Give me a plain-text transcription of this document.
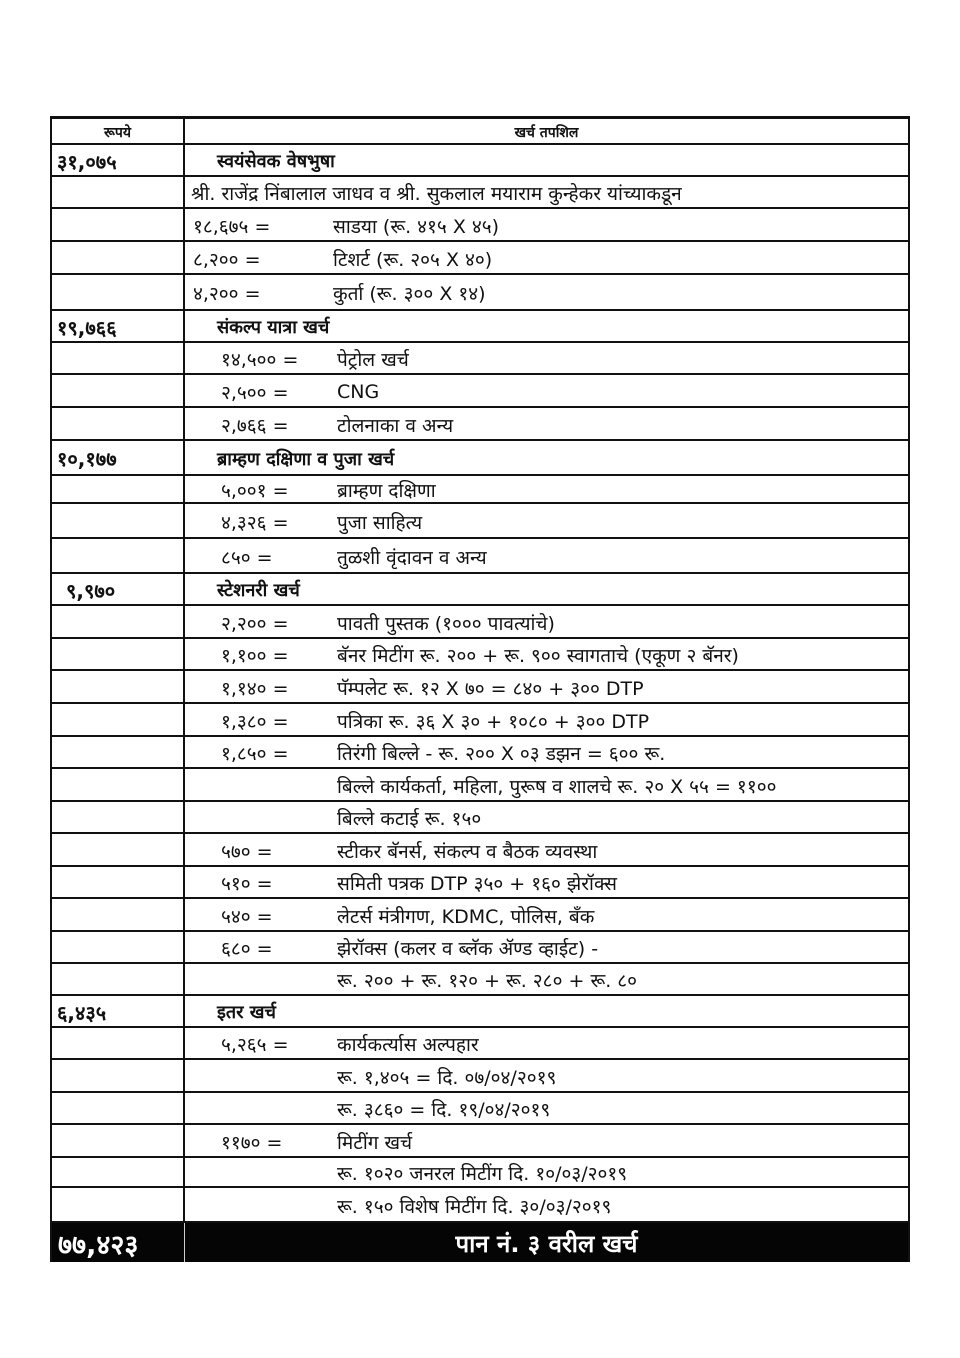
रूपये	खर्च तपशिल
३१,०७५	स्वयंसेवक वेषभुषा
श्री. राजेंद्र निंबालाल जाधव व श्री. सुकलाल मयाराम कुन्हेकर यांच्याकडून
१८,६७५ =	साडया (रू. ४१५ X ४५)
८,२०० =	टिशर्ट (रू. २०५ X ४०)
४,२०० =	कुर्ता (रू. ३०० X १४)
१९,७६६	संकल्प यात्रा खर्च
१४,५०० =	पेट्रोल खर्च
२,५०० =	CNG
२,७६६ =	टोलनाका व अन्य
१०,१७७	ब्राम्हण दक्षिणा व पुजा खर्च
५,००१ =	ब्राम्हण दक्षिणा
४,३२६ =	पुजा साहित्य
८५० =	तुळशी वृंदावन व अन्य
९,९७०	स्टेशनरी खर्च
२,२०० =	पावती पुस्तक (१००० पावत्यांचे)
१,१०० =	बॅनर मिटींग रू. २०० + रू. ९०० स्वागताचे (एकूण २ बॅनर)
१,१४० =	पॅम्पलेट रू. १२ X ७० = ८४० + ३०० DTP
१,३८० =	पत्रिका रू. ३६ X ३० + १०८० + ३०० DTP
१,८५० =	तिरंगी बिल्ले - रू. २०० X ०३ डझन = ६०० रू.
बिल्ले कार्यकर्ता, महिला, पुरूष व शालचे रू. २० X ५५ = ११००
बिल्ले कटाई रू. १५०
५७० =	स्टीकर बॅनर्स, संकल्प व बैठक व्यवस्था
५१० =	समिती पत्रक DTP ३५० + १६० झेरॉक्स
५४० =	लेटर्स मंत्रीगण, KDMC, पोलिस, बँक
६८० =	झेरॉक्स (कलर व ब्लॅक ॲण्ड व्हाईट) -
रू. २०० + रू. १२० + रू. २८० + रू. ८०
६,४३५	इतर खर्च
५,२६५ =	कार्यकर्त्यास अल्पहार
रू. १,४०५ = दि. ०७/०४/२०१९
रू. ३८६० = दि. १९/०४/२०१९
११७० =	मिटींग खर्च
रू. १०२० जनरल मिटींग दि. १०/०३/२०१९
रू. १५० विशेष मिटींग दि. ३०/०३/२०१९
७७,४२३	पान नं. ३ वरील खर्च
